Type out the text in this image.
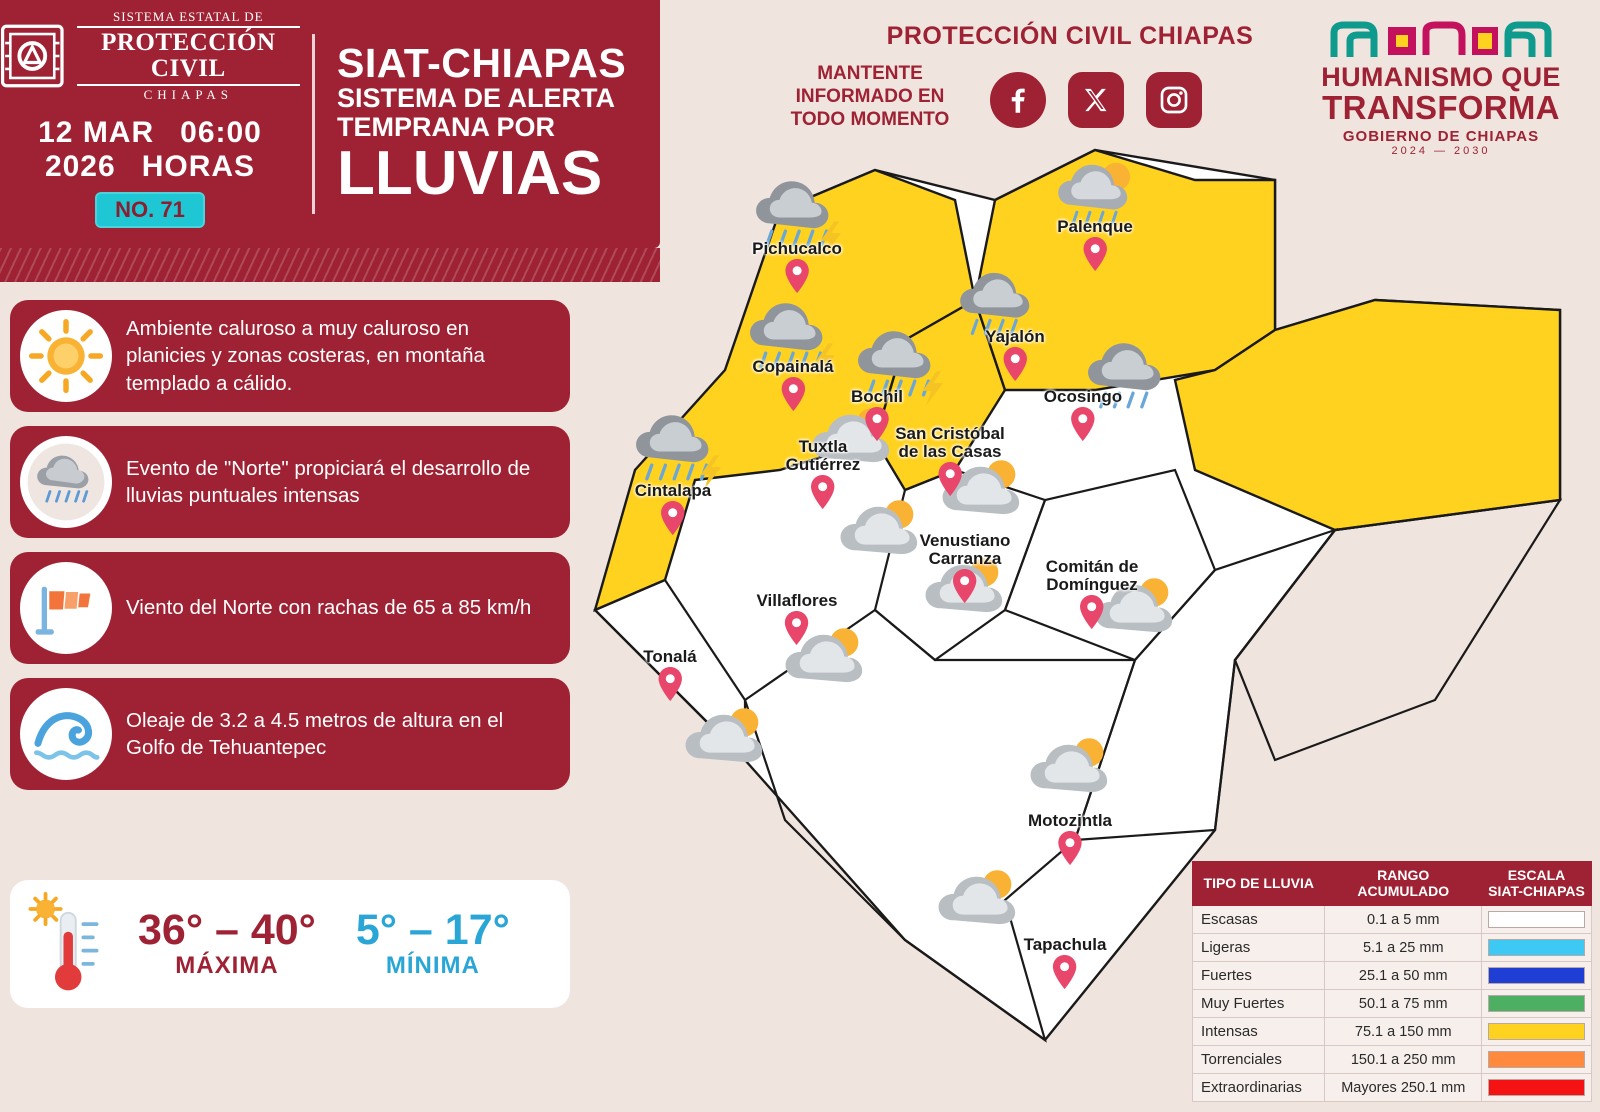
SISTEMA ESTATAL DE
PROTECCIÓN CIVIL
CHIAPAS
12 MAR 06:00
2026 HORAS
NO. 71
SIAT-CHIAPAS
SISTEMA DE ALERTA
TEMPRANA POR
LLUVIAS
PROTECCIÓN CIVIL CHIAPAS
MANTENTE
INFORMADO EN
TODO MOMENTO
HUMANISMO QUE
TRANSFORMA
GOBIERNO DE CHIAPAS
2024 — 2030
Ambiente caluroso a muy caluroso en planicies y zonas costeras, en montaña templado a cálido.
Evento de "Norte" propiciará el desarrollo de lluvias puntuales intensas
Viento del Norte con rachas de 65 a 85 km/h
Oleaje de 3.2 a 4.5 metros de altura en el Golfo de Tehuantepec
36° – 40°
MÁXIMA
5° – 17°
MÍNIMA
Pichucalco
Palenque
Copainalá
Yajalón
Bochil	Ocosingo
Cintalapa
Tuxtla
Gutiérrez
San Cristóbal
de las Casas
Venustiano
Carranza	Comitán de
Domínguez
Villaflores
Tonalá
Motozintla
Tapachula
TIPO DE LLUVIA	RANGO
ACUMULADO

ESCALA
SIAT-CHIAPAS

Escasas	0.1 a 5 mm	

Ligeras	5.1 a 25 mm	

Fuertes	25.1 a 50 mm	

Muy Fuertes	50.1 a 75 mm	

Intensas	75.1 a 150 mm	

Torrenciales	150.1 a 250 mm	

Extraordinarias	Mayores 250.1 mm	
